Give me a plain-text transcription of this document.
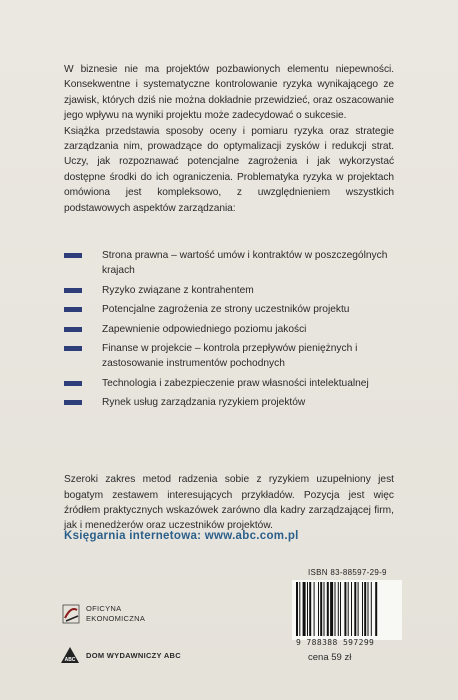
W biznesie nie ma projektów pozbawionych elementu niepewności. Konsekwentne i systematyczne kontrolowanie ryzyka wynikającego ze zjawisk, których dziś nie można dokładnie przewidzieć, oraz oszacowanie jego wpływu na wyniki projektu może zadecydować o sukcesie.

Książka przedstawia sposoby oceny i pomiaru ryzyka oraz strategie zarządzania nim, prowadzące do optymalizacji zysków i redukcji strat. Uczy, jak rozpoznawać potencjalne zagrożenia i jak wykorzystać dostępne środki do ich ograniczenia. Problematyka ryzyka w projektach omówiona jest kompleksowo, z uwzględnieniem wszystkich podstawowych aspektów zarządzania:

Strona prawna – wartość umów i kontraktów w poszczególnych krajach
Ryzyko związane z kontrahentem
Potencjalne zagrożenia ze strony uczestników projektu
Zapewnienie odpowiedniego poziomu jakości
Finanse w projekcie – kontrola przepływów pieniężnych i zastosowanie instrumentów pochodnych
Technologia i zabezpieczenie praw własności intelektualnej
Rynek usług zarządzania ryzykiem projektów

Szeroki zakres metod radzenia sobie z ryzykiem uzupełniony jest bogatym zestawem interesujących przykładów. Pozycja jest więc źródłem praktycznych wskazówek zarówno dla kadry zarządzającej firm, jak i menedżerów oraz uczestników projektów.

Księgarnia internetowa: www.abc.com.pl
ISBN 83-88597-29-9
9 788388 597299
cena 59 zł
OFICYNA
EKONOMICZNA
ABC
DOM WYDAWNICZY ABC
